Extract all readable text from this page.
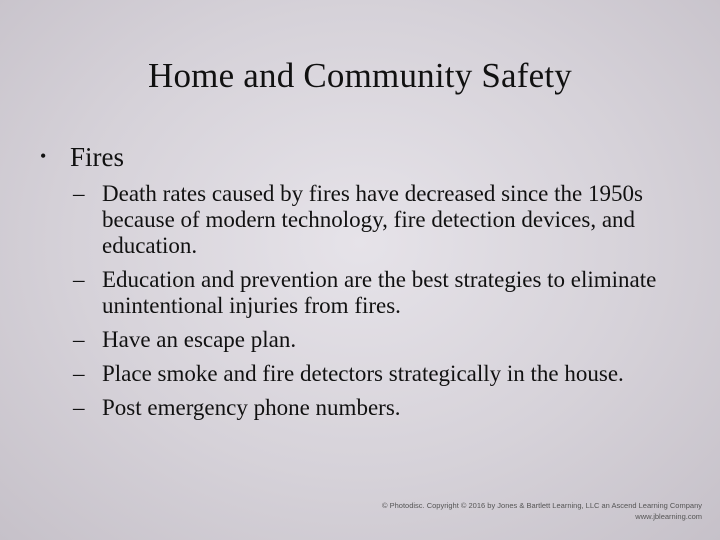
Home and Community Safety
• Fires
– Death rates caused by fires have decreased since the 1950s because of modern technology, fire detection devices, and education.
– Education and prevention are the best strategies to eliminate unintentional injuries from fires.
– Have an escape plan.
– Place smoke and fire detectors strategically in the house.
– Post emergency phone numbers.
© Photodisc. Copyright © 2016 by Jones & Bartlett Learning, LLC an Ascend Learning Company
www.jblearning.com
